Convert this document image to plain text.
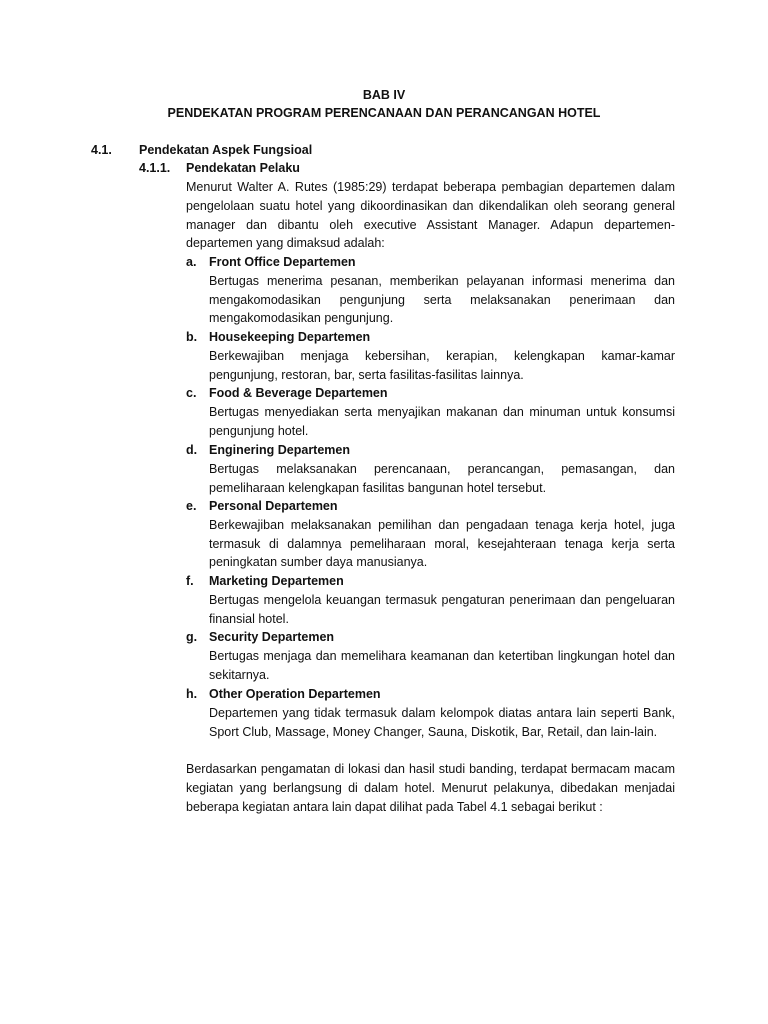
BAB IV
PENDEKATAN PROGRAM PERENCANAAN DAN PERANCANGAN HOTEL
4.1. Pendekatan Aspek Fungsioal
4.1.1. Pendekatan Pelaku

Menurut Walter A. Rutes (1985:29) terdapat beberapa pembagian departemen dalam pengelolaan suatu hotel yang dikoordinasikan dan dikendalikan oleh seorang general manager dan dibantu oleh executive Assistant Manager. Adapun departemen-departemen yang dimaksud adalah:

a. Front Office Departemen

Bertugas menerima pesanan, memberikan pelayanan informasi menerima dan mengakomodasikan pengunjung serta melaksanakan penerimaan dan mengakomodasikan pengunjung.

b. Housekeeping Departemen

Berkewajiban menjaga kebersihan, kerapian, kelengkapan kamar-kamar pengunjung, restoran, bar, serta fasilitas-fasilitas lainnya.

c. Food & Beverage Departemen

Bertugas menyediakan serta menyajikan makanan dan minuman untuk konsumsi pengunjung hotel.

d. Enginering Departemen

Bertugas melaksanakan perencanaan, perancangan, pemasangan, dan pemeliharaan kelengkapan fasilitas bangunan hotel tersebut.

e. Personal Departemen

Berkewajiban melaksanakan pemilihan dan pengadaan tenaga kerja hotel, juga termasuk di dalamnya pemeliharaan moral, kesejahteraan tenaga kerja serta peningkatan sumber daya manusianya.

f. Marketing Departemen

Bertugas mengelola keuangan termasuk pengaturan penerimaan dan pengeluaran finansial hotel.

g. Security Departemen

Bertugas menjaga dan memelihara keamanan dan ketertiban lingkungan hotel dan sekitarnya.

h. Other Operation Departemen

Departemen yang tidak termasuk dalam kelompok diatas antara lain seperti Bank, Sport Club, Massage, Money Changer, Sauna, Diskotik, Bar, Retail, dan lain-lain.

Berdasarkan pengamatan di lokasi dan hasil studi banding, terdapat bermacam macam kegiatan yang berlangsung di dalam hotel. Menurut pelakunya, dibedakan menjadai beberapa kegiatan antara lain dapat dilihat pada Tabel 4.1 sebagai berikut :
